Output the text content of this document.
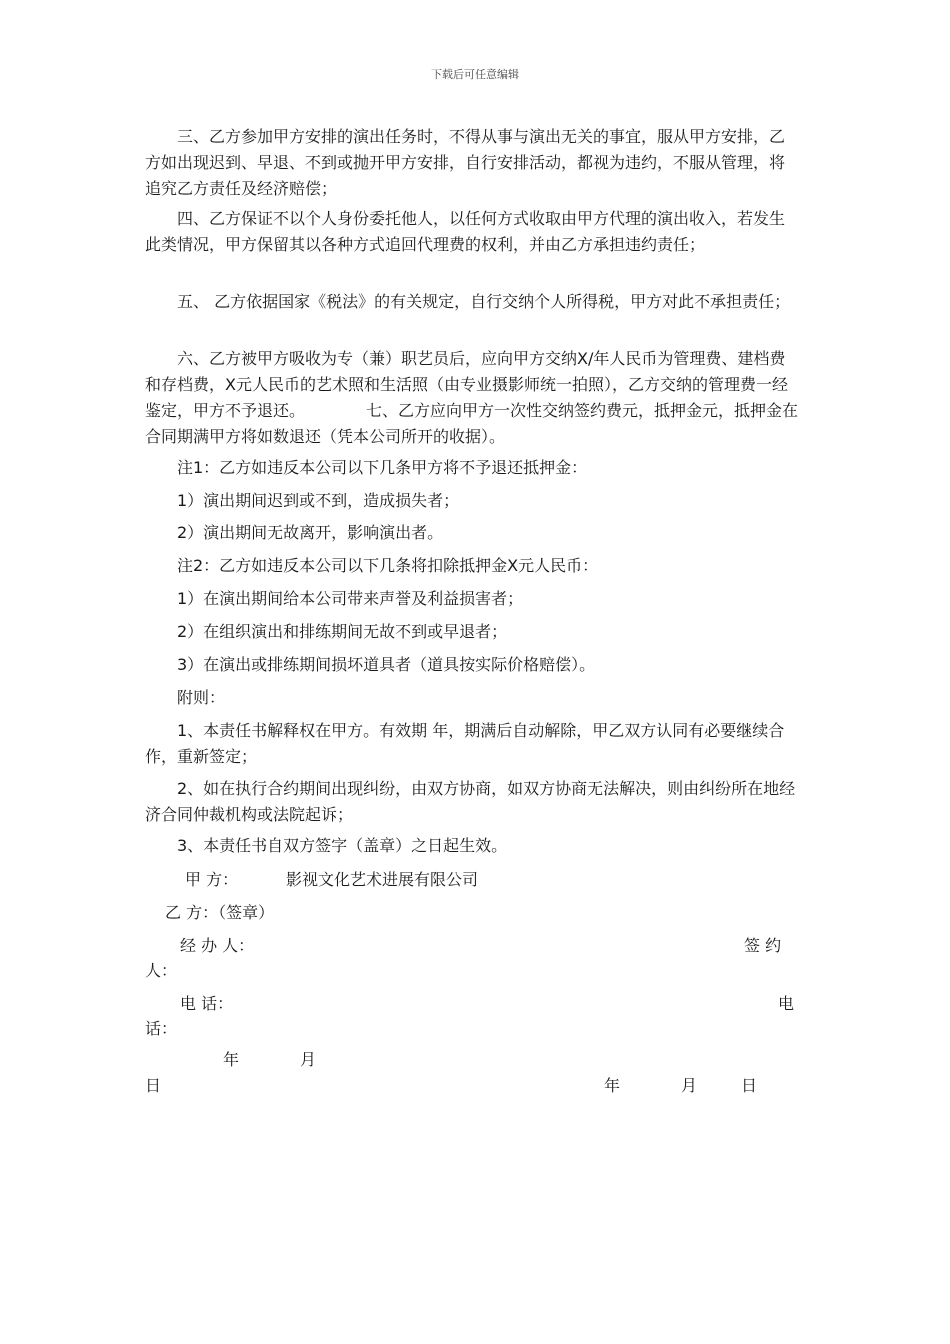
下载后可任意编辑
　　三、乙方参加甲方安排的演出任务时，不得从事与演出无关的事宜，服从甲方安排，乙方如出现迟到、早退、不到或抛开甲方安排，自行安排活动，都视为违约，不服从管理，将追究乙方责任及经济赔偿；
　　四、乙方保证不以个人身份委托他人，以任何方式收取由甲方代理的演出收入，若发生此类情况，甲方保留其以各种方式追回代理费的权利，并由乙方承担违约责任；
　　五、 乙方依据国家《税法》的有关规定，自行交纳个人所得税，甲方对此不承担责任；
　　六、乙方被甲方吸收为专（兼）职艺员后，应向甲方交纳X/年人民币为管理费、建档费和存档费，X元人民币的艺术照和生活照（由专业摄影师统一拍照），乙方交纳的管理费一经鉴定，甲方不予退还。            七、乙方应向甲方一次性交纳签约费元，抵押金元，抵押金在合同期满甲方将如数退还（凭本公司所开的收据）。
　　注1：乙方如违反本公司以下几条甲方将不予退还抵押金：
　　1）演出期间迟到或不到，造成损失者；
　　2）演出期间无故离开，影响演出者。
　　注2：乙方如违反本公司以下几条将扣除抵押金X元人民币：
　　1）在演出期间给本公司带来声誉及利益损害者；
　　2）在组织演出和排练期间无故不到或早退者；
　　3）在演出或排练期间损坏道具者（道具按实际价格赔偿）。
　　附则：
　　1、本责任书解释权在甲方。有效期 年，期满后自动解除，甲乙双方认同有必要继续合作，重新签定；
　　2、如在执行合约期间出现纠纷，由双方协商，如双方协商无法解决，则由纠纷所在地经济合同仲裁机构或法院起诉；
　　3、本责任书自双方签字（盖章）之日起生效。
甲 方：	影视文化艺术进展有限公司
乙 方：（签章）
经 办 人：	签 约
人：
电 话：	电
话：
年	月
日	年	月	日
